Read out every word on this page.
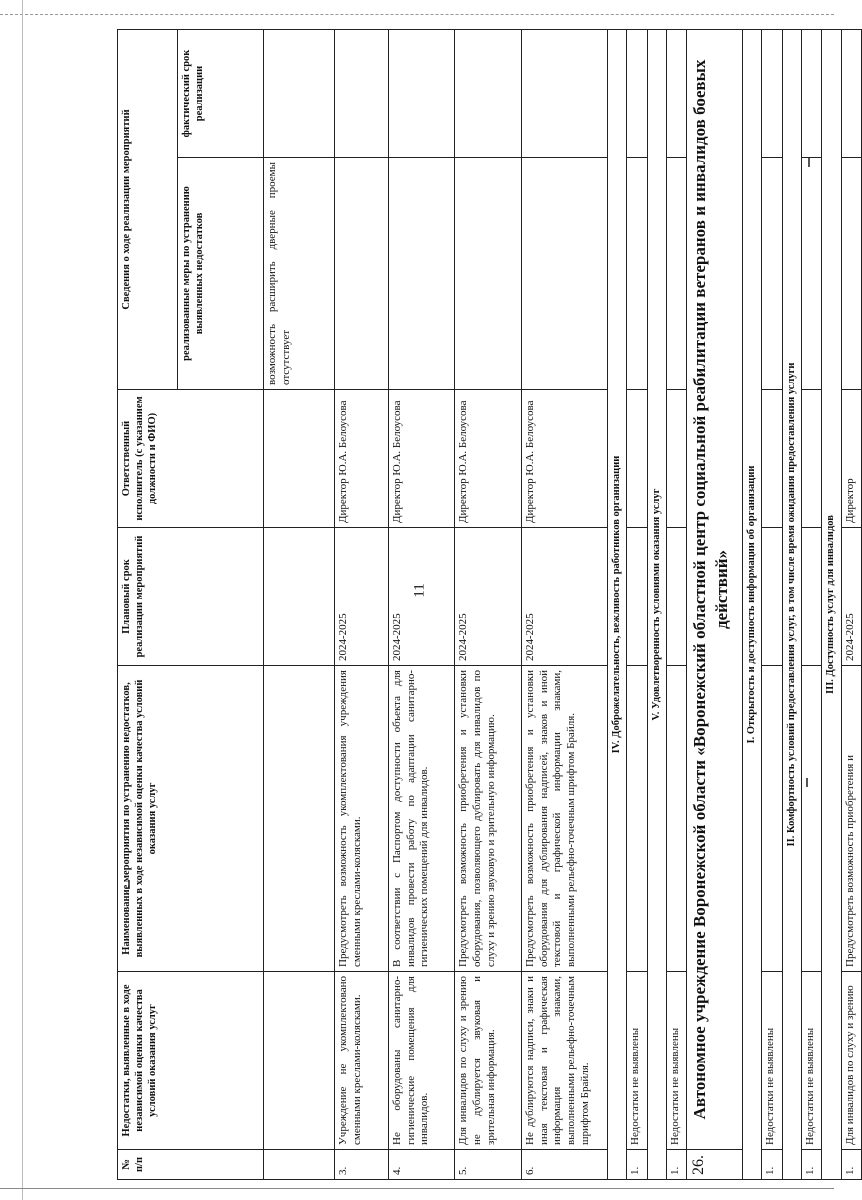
11
№ п/п	Недостатки, выявленные в ходе независимой оценки качества условий оказания услуг	Наименование мероприятия по устранению недостатков, выявленных в ходе независимой оценки качества условий оказания услуг	Плановый срок реализации мероприятий	Ответственный исполнитель (с указанием должности и ФИО)	Сведения о ходе реализации мероприятий	
					реализованные меры по устранению выявленных недостатков	фактический срок реализации
					возможность расширить дверные проемы отсутствует	
3.	Учреждение не укомплектовано сменными креслами-колясками.	Предусмотреть возможность укомплектования учреждения сменными креслами-колясками.	2024-2025	Директор Ю.А. Белоусова		
4.	Не оборудованы санитарно-гигиенические помещения для инвалидов.	В соответствии с Паспортом доступности объекта для инвалидов провести работу по адаптации санитарно-гигиенических помещений для инвалидов.	2024-2025	Директор Ю.А. Белоусова		
5.	Для инвалидов по слуху и зрению не дублируется звуковая и зрительная информация.	Предусмотреть возможность приобретения и установки оборудования, позволяющего дублировать для инвалидов по слуху и зрению звуковую и зрительную информацию.	2024-2025	Директор Ю.А. Белоусова		
6.	Не дублируются надписи, знаки и иная текстовая и графическая информация знаками, выполненными рельефно-точечным шрифтом Брайля.	Предусмотреть возможность приобретения и установки оборудования для дублирования надписей, знаков и иной текстовой и графической информации знаками, выполненными рельефно-точечным шрифтом Брайля.	2024-2025	Директор Ю.А. Белоусова		
IV. Доброжелательность, вежливость работников организации						
1.	Недостатки не выявлены					
V. Удовлетворенность условиями оказания услуг						
1.	Недостатки не выявлены					
26.	Автономное учреждение Воронежской области «Воронежский областной центр социальной реабилитации ветеранов и инвалидов боевых действий»					
I. Открытость и доступность информации об организации						
1.	Недостатки не выявлены					
II. Комфортность условий предоставления услуг, в том числе время ожидания предоставления услуги						
1.	Недостатки не выявлены					
III. Доступность услуг для инвалидов						
1.	Для инвалидов по слуху и зрению	Предусмотреть возможность приобретения и	2024-2025	Директор		
